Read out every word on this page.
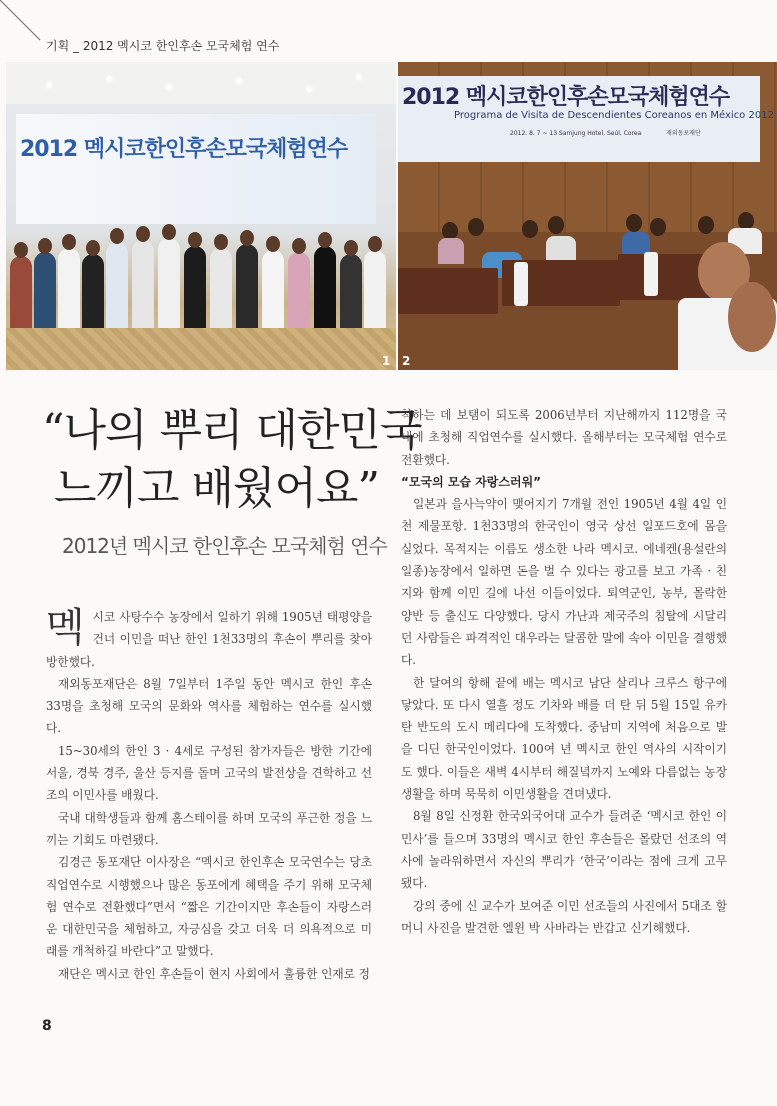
기획 _ 2012 멕시코 한인후손 모국체험 연수
2012 멕시코한인후손모국체험연수
1
2012 멕시코한인후손모국체험연수
Programa de Visita de Descendientes Coreanos en México 2012
2012. 8. 7 ~ 13 Samjung Hotel, Seúl, Corea	재외동포재단
2
“나의 뿌리 대한민국
느끼고 배웠어요”
2012년 멕시코 한인후손 모국체험 연수

멕시코 사탕수수 농장에서 일하기 위해 1905년 태평양을 건너 이민을 떠난 한인 1천33명의 후손이 뿌리를 찾아 방한했다.

재외동포재단은 8월 7일부터 1주일 동안 멕시코 한인 후손 33명을 초청해 모국의 문화와 역사를 체험하는 연수를 실시했다.

15~30세의 한인 3 · 4세로 구성된 참가자들은 방한 기간에 서울, 경북 경주, 울산 등지를 돌며 고국의 발전상을 견학하고 선조의 이민사를 배웠다.

국내 대학생들과 함께 홈스테이를 하며 모국의 푸근한 정을 느끼는 기회도 마련됐다.

김경근 동포재단 이사장은 “멕시코 한인후손 모국연수는 당초 직업연수로 시행했으나 많은 동포에게 혜택을 주기 위해 모국체험 연수로 전환했다”면서 “짧은 기간이지만 후손들이 자랑스러운 대한민국을 체험하고, 자긍심을 갖고 더욱 더 의욕적으로 미래를 개척하길 바란다”고 말했다.

재단은 멕시코 한인 후손들이 현지 사회에서 훌륭한 인재로 정

착하는 데 보탬이 되도록 2006년부터 지난해까지 112명을 국내에 초청해 직업연수를 실시했다. 올해부터는 모국체험 연수로 전환했다.

“모국의 모습 자랑스러워”

일본과 을사늑약이 맺어지기 7개월 전인 1905년 4월 4일 인천 제물포항. 1천33명의 한국인이 영국 상선 일포드호에 몸을 실었다. 목적지는 이름도 생소한 나라 멕시코. 에네켄(용설란의 일종)농장에서 일하면 돈을 벌 수 있다는 광고를 보고 가족 · 친지와 함께 이민 길에 나선 이들이었다. 퇴역군인, 농부, 몰락한 양반 등 출신도 다양했다. 당시 가난과 제국주의 침탈에 시달리던 사람들은 파격적인 대우라는 달콤한 말에 속아 이민을 결행했다.

한 달여의 항해 끝에 배는 멕시코 남단 살리나 크루스 항구에 닿았다. 또 다시 열흘 정도 기차와 배를 더 탄 뒤 5월 15일 유카탄 반도의 도시 메리다에 도착했다. 중남미 지역에 처음으로 발을 디딘 한국인이었다. 100여 년 멕시코 한인 역사의 시작이기도 했다. 이들은 새벽 4시부터 해질녘까지 노예와 다름없는 농장생활을 하며 묵묵히 이민생활을 견뎌냈다.

8월 8일 신정환 한국외국어대 교수가 들려준 ‘멕시코 한인 이민사’를 들으며 33명의 멕시코 한인 후손들은 몰랐던 선조의 역사에 놀라워하면서 자신의 뿌리가 ‘한국’이라는 점에 크게 고무됐다.

강의 중에 신 교수가 보여준 이민 선조들의 사진에서 5대조 할머니 사진을 발견한 엘윈 박 사바라는 반갑고 신기해했다.

8
